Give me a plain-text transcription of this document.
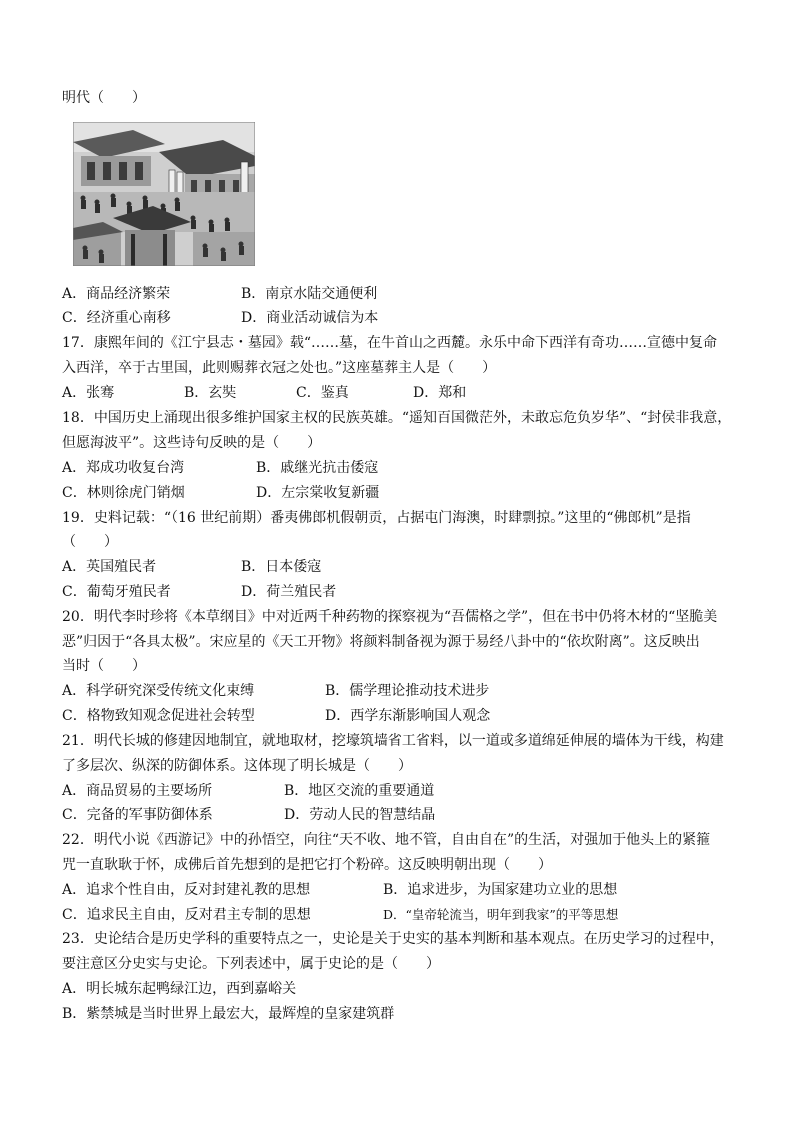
明代（　　）
A．商品经济繁荣	B．南京水陆交通便利
C．经济重心南移	D．商业活动诚信为本
17．康熙年间的《江宁县志・墓园》载“……墓，在牛首山之西麓。永乐中命下西洋有奇功……宣德中复命
入西洋，卒于古里国，此则赐葬衣冠之处也。”这座墓葬主人是（　　）
A．张骞	B．玄奘	C．鉴真	D．郑和
18．中国历史上涌现出很多维护国家主权的民族英雄。“遥知百国微茫外，未敢忘危负岁华”、“封侯非我意，
但愿海波平”。这些诗句反映的是（　　）
A．郑成功收复台湾	B．戚继光抗击倭寇
C．林则徐虎门销烟	D．左宗棠收复新疆
19．史料记载：“（16 世纪前期）番夷佛郎机假朝贡，占据屯门海澳，时肆剽掠。”这里的“佛郎机”是指
（　　）
A．英国殖民者	B．日本倭寇
C．葡萄牙殖民者	D．荷兰殖民者
20．明代李时珍将《本草纲目》中对近两千种药物的探察视为“吾儒格之学”，但在书中仍将木材的“坚脆美
恶”归因于“各具太极”。宋应星的《天工开物》将颜料制备视为源于易经八卦中的“依坎附离”。这反映出
当时（　　）
A．科学研究深受传统文化束缚	B．儒学理论推动技术进步
C．格物致知观念促进社会转型	D．西学东渐影响国人观念
21．明代长城的修建因地制宜，就地取材，挖壕筑墙省工省料，以一道或多道绵延伸展的墙体为干线，构建
了多层次、纵深的防御体系。这体现了明长城是（　　）
A．商品贸易的主要场所	B．地区交流的重要通道
C．完备的军事防御体系	D．劳动人民的智慧结晶
22．明代小说《西游记》中的孙悟空，向往“天不收、地不管，自由自在”的生活，对强加于他头上的紧箍
咒一直耿耿于怀，成佛后首先想到的是把它打个粉碎。这反映明朝出现（　　）
A．追求个性自由，反对封建礼教的思想	B．追求进步，为国家建功立业的思想
C．追求民主自由，反对君主专制的思想	D．“皇帝轮流当，明年到我家”的平等思想
23．史论结合是历史学科的重要特点之一，史论是关于史实的基本判断和基本观点。在历史学习的过程中，
要注意区分史实与史论。下列表述中，属于史论的是（　　）
A．明长城东起鸭绿江边，西到嘉峪关
B．紫禁城是当时世界上最宏大，最辉煌的皇家建筑群
